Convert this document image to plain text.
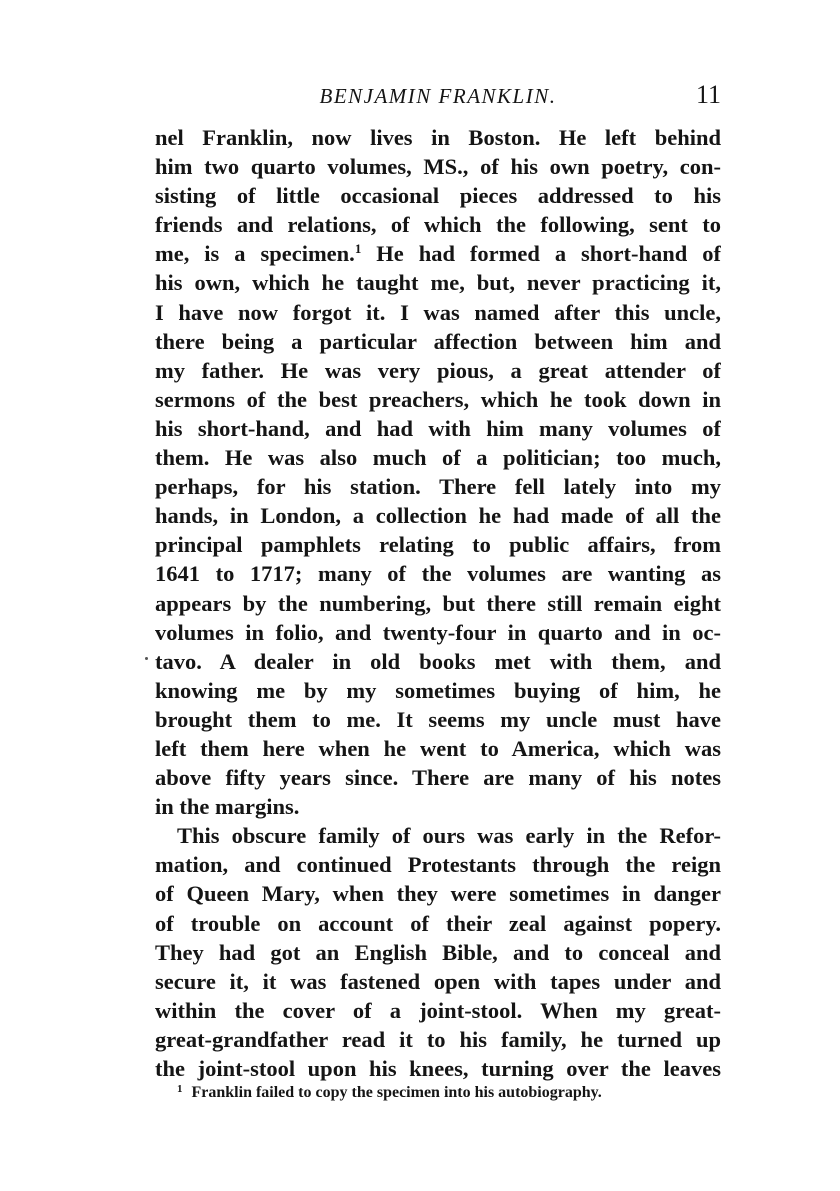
BENJAMIN FRANKLIN.	11
nel Franklin, now lives in Boston. He left behind
him two quarto volumes, MS., of his own poetry, con-
sisting of little occasional pieces addressed to his
friends and relations, of which the following, sent to
me, is a specimen.$^1$ He had formed a short-hand of
his own, which he taught me, but, never practicing it,
I have now forgot it. I was named after this uncle,
there being a particular affection between him and
my father. He was very pious, a great attender of
sermons of the best preachers, which he took down in
his short-hand, and had with him many volumes of
them. He was also much of a politician; too much,
perhaps, for his station. There fell lately into my
hands, in London, a collection he had made of all the
principal pamphlets relating to public affairs, from
1641 to 1717; many of the volumes are wanting as
appears by the numbering, but there still remain eight
volumes in folio, and twenty-four in quarto and in oc-
tavo. A dealer in old books met with them, and
knowing me by my sometimes buying of him, he
brought them to me. It seems my uncle must have
left them here when he went to America, which was
above fifty years since. There are many of his notes
in the margins.
This obscure family of ours was early in the Refor-
mation, and continued Protestants through the reign
of Queen Mary, when they were sometimes in danger
of trouble on account of their zeal against popery.
They had got an English Bible, and to conceal and
secure it, it was fastened open with tapes under and
within the cover of a joint-stool. When my great-
great-grandfather read it to his family, he turned up
the joint-stool upon his knees, turning over the leaves
$^1$ Franklin failed to copy the specimen into his autobiography.
